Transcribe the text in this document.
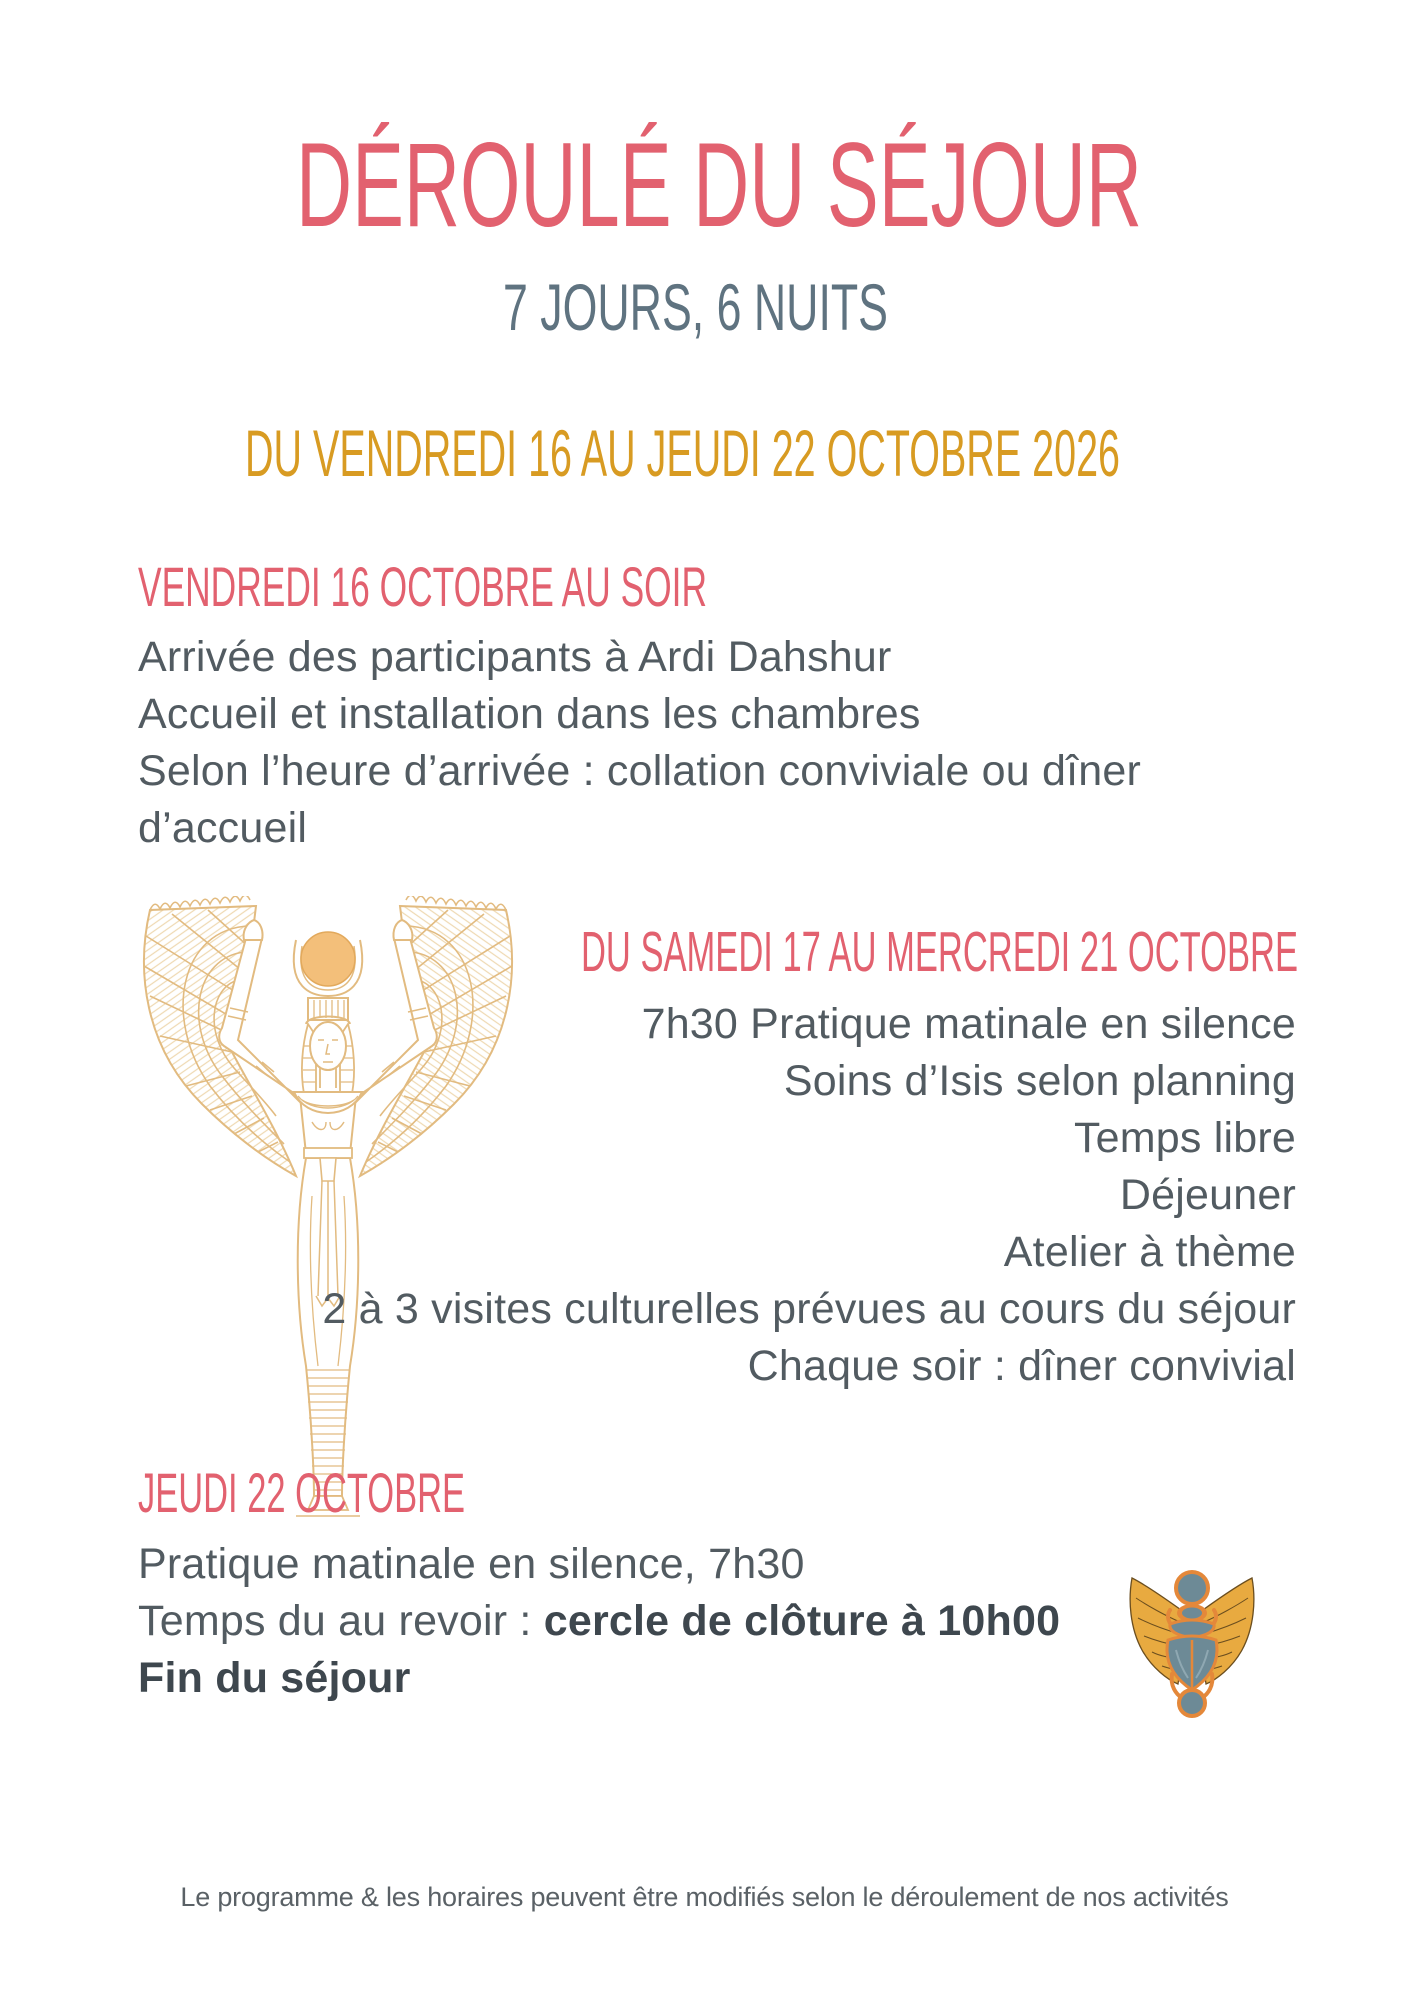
DÉROULÉ DU SÉJOUR
7 JOURS, 6 NUITS
DU VENDREDI 16 AU JEUDI 22 OCTOBRE 2026
VENDREDI 16 OCTOBRE AU SOIR
Arrivée des participants à Ardi Dahshur
Accueil et installation dans les chambres
Selon l’heure d’arrivée : collation conviviale ou dîner
d’accueil
DU SAMEDI 17 AU MERCREDI 21 OCTOBRE
7h30 Pratique matinale en silence
Soins d’Isis selon planning
Temps libre
Déjeuner
Atelier à thème
2 à 3 visites culturelles prévues au cours du séjour
Chaque soir : dîner convivial
JEUDI 22 OCTOBRE
Pratique matinale en silence, 7h30
Temps du au revoir : cercle de clôture à 10h00
Fin du séjour
Le programme & les horaires peuvent être modifiés selon le déroulement de nos activités
